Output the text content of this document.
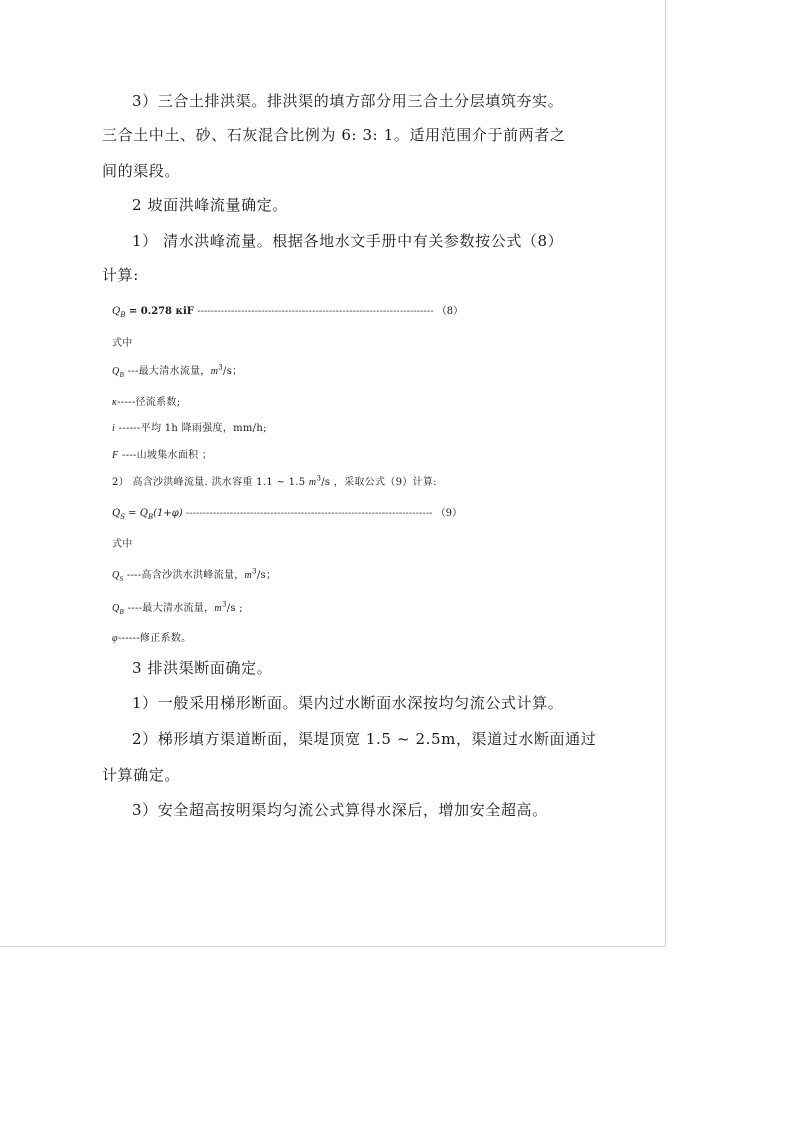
3）三合土排洪渠。排洪渠的填方部分用三合土分层填筑夯实。
三合土中土、砂、石灰混合比例为 6: 3: 1。适用范围介于前两者之
间的渠段。
2 坡面洪峰流量确定。
1） 清水洪峰流量。根据各地水文手册中有关参数按公式（8）
计算:
$Q_B = 0.278$ κiF ---------------------------------------------------------------------- （8）
式中
$Q_B$ ---最大清水流量，$m^3/s$；
κ-----径流系数;
i ------平均 1h 降雨强度，mm/h;
F ----山坡集水面积 ；
2） 高含沙洪峰流量. 洪水容重 1.1 ~ 1.5 $m^3/s$ ，采取公式（9）计算:
$Q_S = Q_B(1+\varphi)$ ------------------------------------------------------------------------- （9）
式中
$Q_S$ ----高含沙洪水洪峰流量，$m^3/s$；
$Q_B$ ----最大清水流量，$m^3/s$ ;
φ------修正系数。
3 排洪渠断面确定。
1）一般采用梯形断面。渠内过水断面水深按均匀流公式计算。
2）梯形填方渠道断面，渠堤顶宽 1.5 ~ 2.5m，渠道过水断面通过
计算确定。
3）安全超高按明渠均匀流公式算得水深后，增加安全超高。
